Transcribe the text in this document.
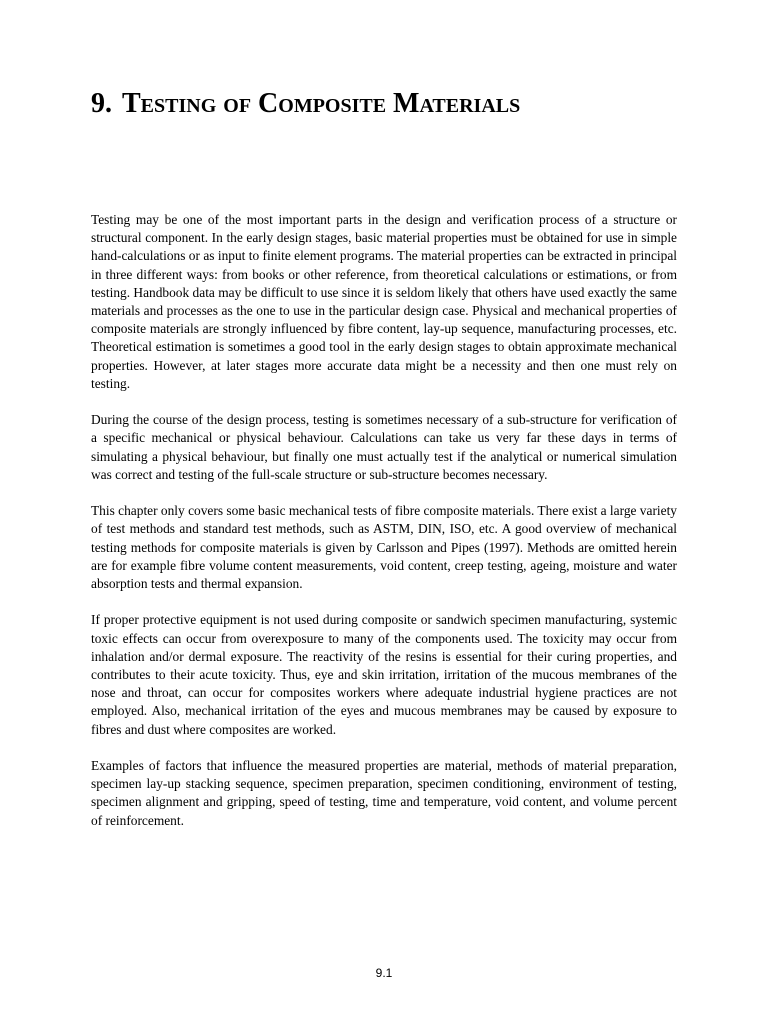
9. Testing of Composite Materials

Testing may be one of the most important parts in the design and verification process of a structure or structural component. In the early design stages, basic material properties must be obtained for use in simple hand-calculations or as input to finite element programs. The material properties can be extracted in principal in three different ways: from books or other reference, from theoretical calculations or estimations, or from testing. Handbook data may be difficult to use since it is seldom likely that others have used exactly the same materials and processes as the one to use in the particular design case. Physical and mechanical properties of composite materials are strongly influenced by fibre content, lay-up sequence, manufacturing processes, etc. Theoretical estimation is sometimes a good tool in the early design stages to obtain approximate mechanical properties. However, at later stages more accurate data might be a necessity and then one must rely on testing.

During the course of the design process, testing is sometimes necessary of a sub-structure for verification of a specific mechanical or physical behaviour. Calculations can take us very far these days in terms of simulating a physical behaviour, but finally one must actually test if the analytical or numerical simulation was correct and testing of the full-scale structure or sub-structure becomes necessary.

This chapter only covers some basic mechanical tests of fibre composite materials. There exist a large variety of test methods and standard test methods, such as ASTM, DIN, ISO, etc. A good overview of mechanical testing methods for composite materials is given by Carlsson and Pipes (1997). Methods are omitted herein are for example fibre volume content measurements, void content, creep testing, ageing, moisture and water absorption tests and thermal expansion.

If proper protective equipment is not used during composite or sandwich specimen manufacturing, systemic toxic effects can occur from overexposure to many of the components used. The toxicity may occur from inhalation and/or dermal exposure. The reactivity of the resins is essential for their curing properties, and contributes to their acute toxicity. Thus, eye and skin irritation, irritation of the mucous membranes of the nose and throat, can occur for composites workers where adequate industrial hygiene practices are not employed. Also, mechanical irritation of the eyes and mucous membranes may be caused by exposure to fibres and dust where composites are worked.

Examples of factors that influence the measured properties are material, methods of material preparation, specimen lay-up stacking sequence, specimen preparation, specimen conditioning, environment of testing, specimen alignment and gripping, speed of testing, time and temperature, void content, and volume percent of reinforcement.

9.1
